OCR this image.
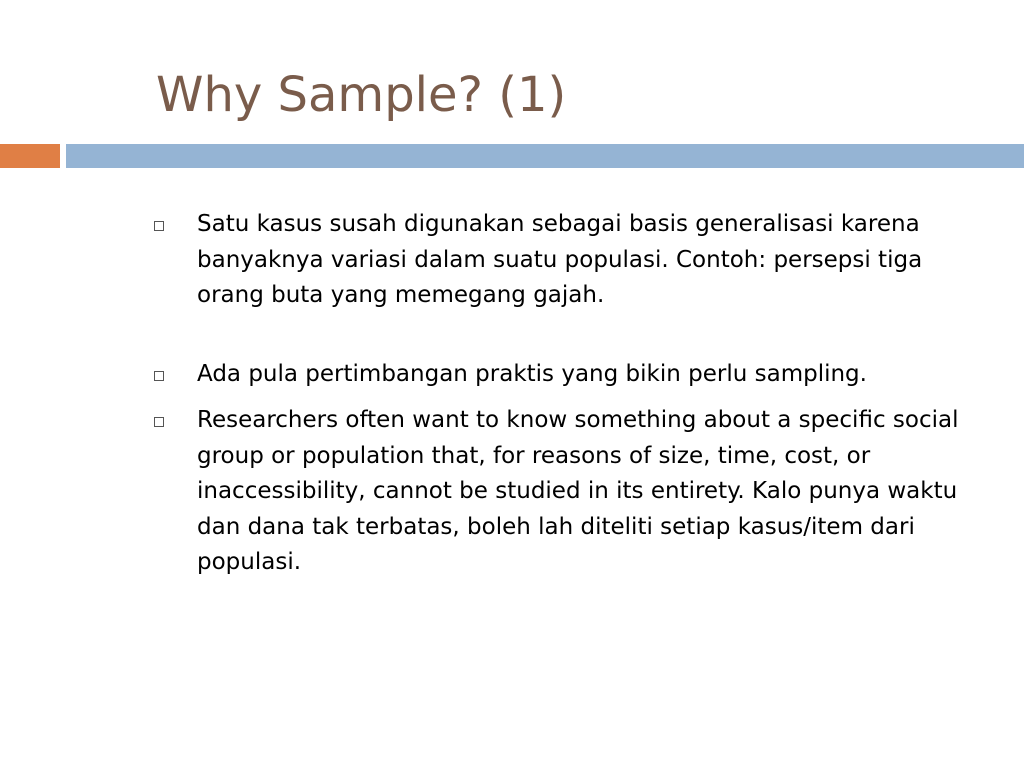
Why Sample? (1)
Satu kasus susah digunakan sebagai basis generalisasi karena banyaknya variasi dalam suatu populasi. Contoh: persepsi tiga orang buta yang memegang gajah.
Ada pula pertimbangan praktis yang bikin perlu sampling.
Researchers often want to know something about a specific social group or population that, for reasons of size, time, cost, or inaccessibility, cannot be studied in its entirety. Kalo punya waktu dan dana tak terbatas, boleh lah diteliti setiap kasus/item dari populasi.
